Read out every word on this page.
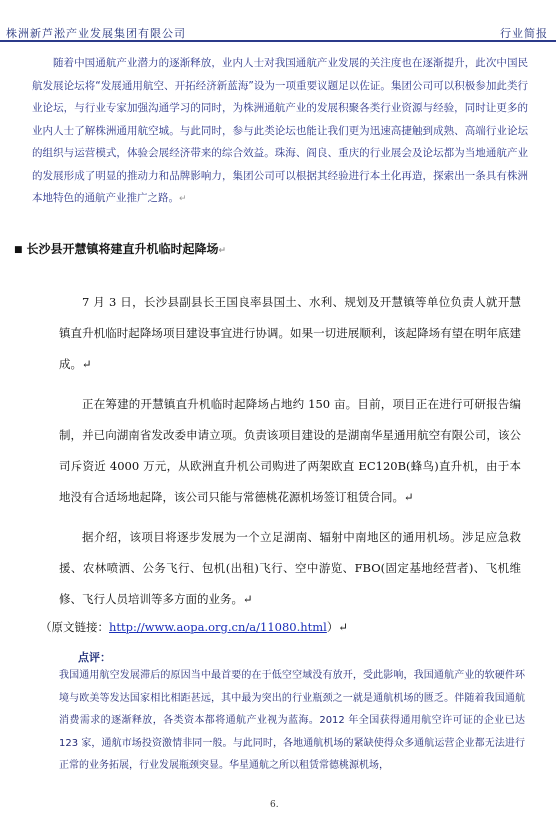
株洲新芦淞产业发展集团有限公司	行业简报

随着中国通航产业潜力的逐渐释放，业内人士对我国通航产业发展的关注度也在逐渐提升，此次中国民航发展论坛将“发展通用航空、开拓经济新蓝海”设为一项重要议题足以佐证。集团公司可以积极参加此类行业论坛，与行业专家加强沟通学习的同时，为株洲通航产业的发展积聚各类行业资源与经验，同时让更多的业内人士了解株洲通用航空城。与此同时，参与此类论坛也能让我们更为迅速高捷触到成熟、高端行业论坛的组织与运营模式，体验会展经济带来的综合效益。珠海、阎良、重庆的行业展会及论坛都为当地通航产业的发展形成了明显的推动力和品牌影响力，集团公司可以根据其经验进行本土化再造，探索出一条具有株洲本地特色的通航产业推广之路。↵

■ 长沙县开慧镇将建直升机临时起降场↵

7 月 3 日，长沙县副县长王国良率县国土、水利、规划及开慧镇等单位负责人就开慧镇直升机临时起降场项目建设事宜进行协调。如果一切进展顺利，该起降场有望在明年底建成。↵

正在筹建的开慧镇直升机临时起降场占地约 150 亩。目前，项目正在进行可研报告编制，并已向湖南省发改委申请立项。负责该项目建设的是湖南华星通用航空有限公司，该公司斥资近 4000 万元，从欧洲直升机公司购进了两架欧直 EC120B(蜂鸟)直升机，由于本地没有合适场地起降，该公司只能与常德桃花源机场签订租赁合同。↵

据介绍，该项目将逐步发展为一个立足湖南、辐射中南地区的通用机场。涉足应急救援、农林喷洒、公务飞行、包机(出租)飞行、空中游览、FBO(固定基地经营者)、飞机维修、飞行人员培训等多方面的业务。↵

（原文链接：http://www.aopa.org.cn/a/11080.html）↵
点评：

我国通用航空发展滞后的原因当中最首要的在于低空空域没有放开，受此影响，我国通航产业的软硬件环境与欧美等发达国家相比相距甚远，其中最为突出的行业瓶颈之一就是通航机场的匮乏。伴随着我国通航消费需求的逐渐释放，各类资本都将通航产业视为蓝海。2012 年全国获得通用航空许可证的企业已达 123 家，通航市场投资激情非同一般。与此同时，各地通航机场的紧缺使得众多通航运营企业都无法进行正常的业务拓展，行业发展瓶颈突显。华星通航之所以租赁常德桃源机场，

6.
